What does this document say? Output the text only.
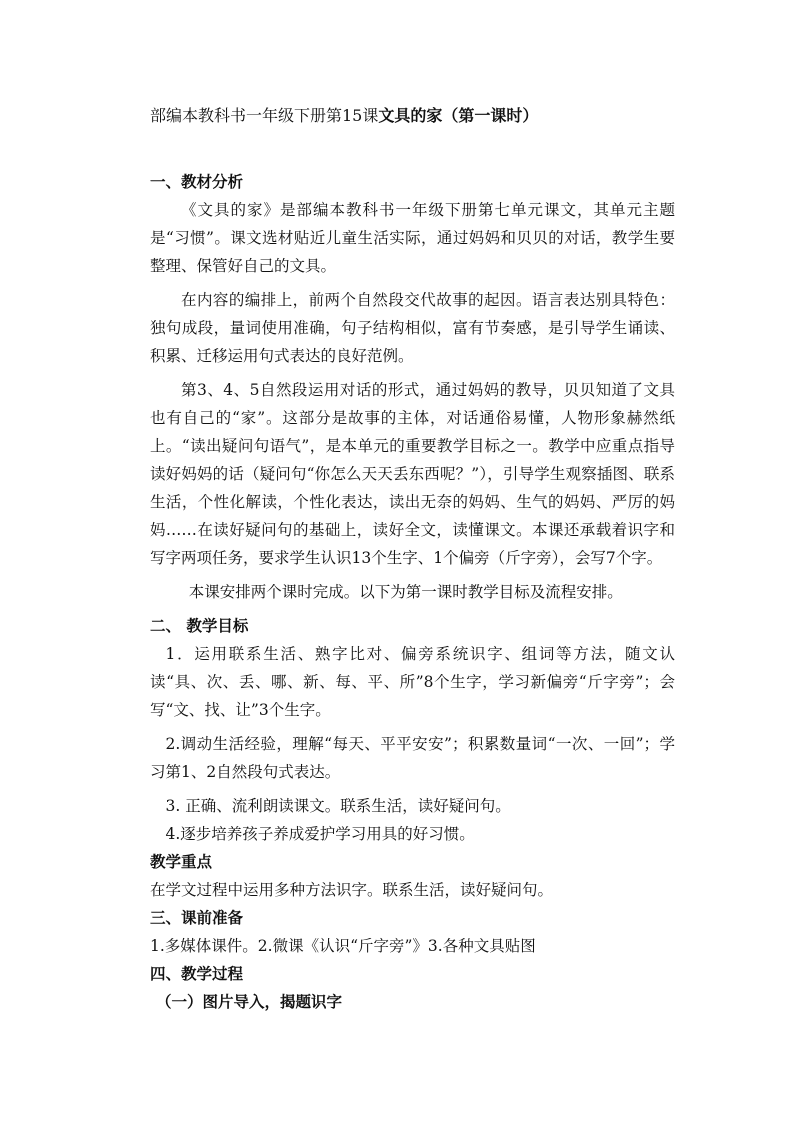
部编本教科书一年级下册第15课文具的家（第一课时）

一、教材分析

《文具的家》是部编本教科书一年级下册第七单元课文，其单元主题是“习惯”。课文选材贴近儿童生活实际，通过妈妈和贝贝的对话，教学生要整理、保管好自己的文具。

在内容的编排上，前两个自然段交代故事的起因。语言表达别具特色：独句成段，量词使用准确，句子结构相似，富有节奏感，是引导学生诵读、积累、迁移运用句式表达的良好范例。

第3、4、5自然段运用对话的形式，通过妈妈的教导，贝贝知道了文具也有自己的“家”。这部分是故事的主体，对话通俗易懂，人物形象赫然纸上。“读出疑问句语气”，是本单元的重要教学目标之一。教学中应重点指导读好妈妈的话（疑问句“你怎么天天丢东西呢？”），引导学生观察插图、联系生活，个性化解读，个性化表达，读出无奈的妈妈、生气的妈妈、严厉的妈妈……在读好疑问句的基础上，读好全文，读懂课文。本课还承载着识字和写字两项任务，要求学生认识13个生字、1个偏旁（斤字旁），会写7个字。

本课安排两个课时完成。以下为第一课时教学目标及流程安排。

二、 教学目标

1．运用联系生活、熟字比对、偏旁系统识字、组词等方法，随文认读“具、次、丢、哪、新、每、平、所”8个生字，学习新偏旁“斤字旁”；会写“文、找、让”3个生字。

2.调动生活经验，理解“每天、平平安安”；积累数量词“一次、一回”；学习第1、2自然段句式表达。

3. 正确、流利朗读课文。联系生活，读好疑问句。

4.逐步培养孩子养成爱护学习用具的好习惯。

教学重点

在学文过程中运用多种方法识字。联系生活，读好疑问句。

三、课前准备

1.多媒体课件。2.微课《认识“斤字旁”》3.各种文具贴图

四、教学过程

（一）图片导入，揭题识字
